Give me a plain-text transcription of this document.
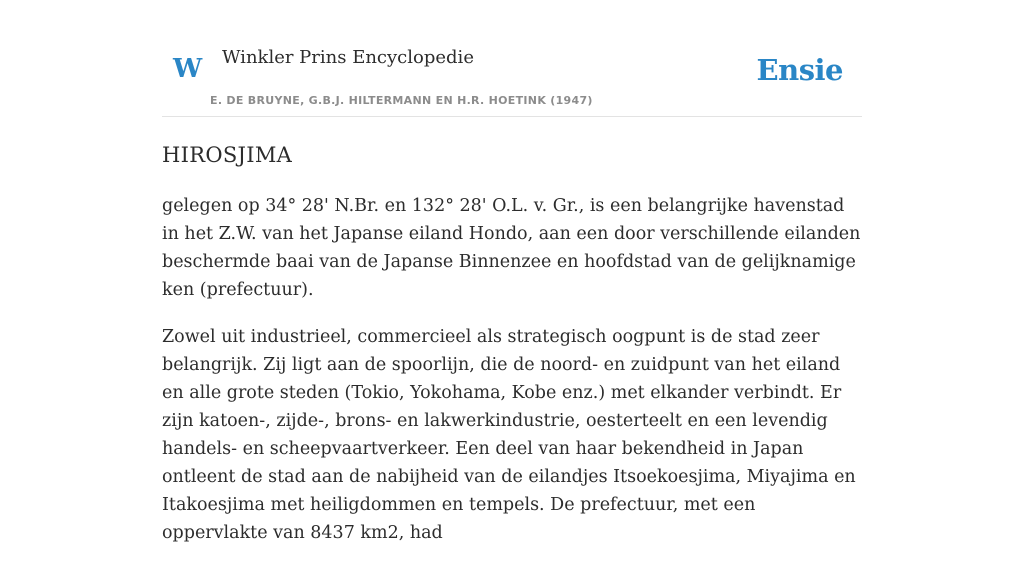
W Winkler Prins Encyclopedie
E. DE BRUYNE, G.B.J. HILTERMANN EN H.R. HOETINK (1947)
Ensie
HIROSJIMA

gelegen op 34° 28' N.Br. en 132° 28' O.L. v. Gr., is een belangrijke havenstad in het Z.W. van het Japanse eiland Hondo, aan een door verschillende eilanden beschermde baai van de Japanse Binnenzee en hoofdstad van de gelijknamige ken (prefectuur).

Zowel uit industrieel, commercieel als strategisch oogpunt is de stad zeer belangrijk. Zij ligt aan de spoorlijn, die de noord- en zuidpunt van het eiland en alle grote steden (Tokio, Yokohama, Kobe enz.) met elkander verbindt. Er zijn katoen-, zijde-, brons- en lakwerkindustrie, oesterteelt en een levendig handels- en scheepvaartverkeer. Een deel van haar bekendheid in Japan ontleent de stad aan de nabijheid van de eilandjes Itsoekoesjima, Miyajima en Itakoesjima met heiligdommen en tempels. De prefectuur, met een oppervlakte van 8437 km2, had
